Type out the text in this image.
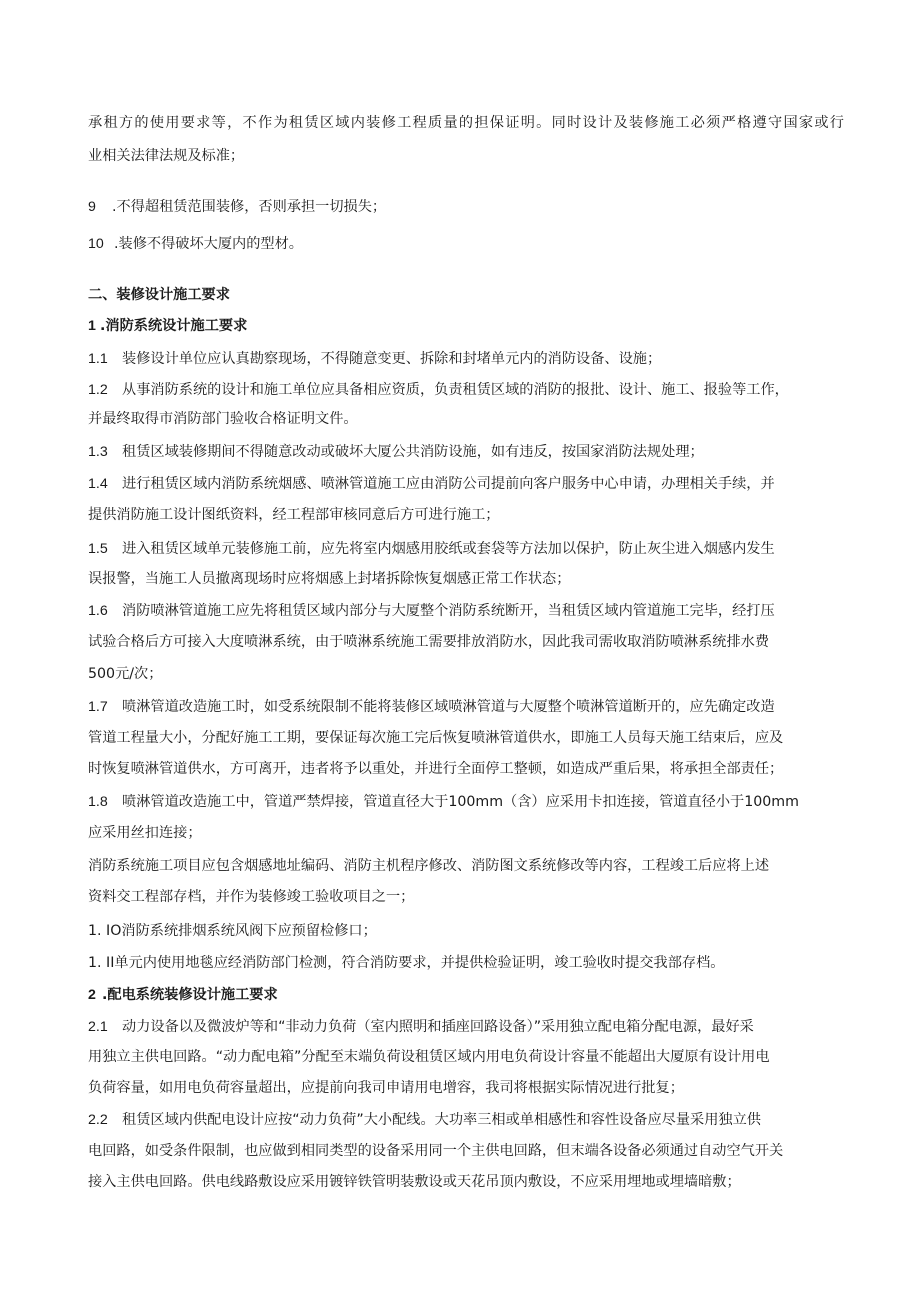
承租方的使用要求等，不作为租赁区域内装修工程质量的担保证明。同时设计及装修施工必须严格遵守国家或行
业相关法律法规及标准；
9 .不得超租赁范围装修，否则承担一切损失；
10 .装修不得破坏大厦内的型材。
二、装修设计施工要求
1 .消防系统设计施工要求
1.1 装修设计单位应认真勘察现场，不得随意变更、拆除和封堵单元内的消防设备、设施；
1.2 从事消防系统的设计和施工单位应具备相应资质，负责租赁区域的消防的报批、设计、施工、报验等工作，
并最终取得市消防部门验收合格证明文件。
1.3 租赁区域装修期间不得随意改动或破坏大厦公共消防设施，如有违反，按国家消防法规处理；
1.4 进行租赁区域内消防系统烟感、喷淋管道施工应由消防公司提前向客户服务中心申请，办理相关手续，并
提供消防施工设计图纸资料，经工程部审核同意后方可进行施工；
1.5 进入租赁区域单元装修施工前，应先将室内烟感用胶纸或套袋等方法加以保护，防止灰尘进入烟感内发生
误报警，当施工人员撤离现场时应将烟感上封堵拆除恢复烟感正常工作状态；
1.6 消防喷淋管道施工应先将租赁区域内部分与大厦整个消防系统断开，当租赁区域内管道施工完毕，经打压
试验合格后方可接入大度喷淋系统，由于喷淋系统施工需要排放消防水，因此我司需收取消防喷淋系统排水费
500元/次；
1.7 喷淋管道改造施工时，如受系统限制不能将装修区域喷淋管道与大厦整个喷淋管道断开的，应先确定改造
管道工程量大小，分配好施工工期，要保证每次施工完后恢复喷淋管道供水，即施工人员每天施工结束后，应及
时恢复喷淋管道供水，方可离开，违者将予以重处，并进行全面停工整顿，如造成严重后果，将承担全部责任；
1.8 喷淋管道改造施工中，管道严禁焊接，管道直径大于100mm（含）应采用卡扣连接，管道直径小于100mm
应采用丝扣连接；
消防系统施工项目应包含烟感地址编码、消防主机程序修改、消防图文系统修改等内容，工程竣工后应将上述
资料交工程部存档，并作为装修竣工验收项目之一；
1. IO消防系统排烟系统风阀下应预留检修口；
1. II单元内使用地毯应经消防部门检测，符合消防要求，并提供检验证明，竣工验收时提交我部存档。
2 .配电系统装修设计施工要求
2.1 动力设备以及微波炉等和“非动力负荷（室内照明和插座回路设备）”采用独立配电箱分配电源，最好采
用独立主供电回路。“动力配电箱”分配至末端负荷设租赁区域内用电负荷设计容量不能超出大厦原有设计用电
负荷容量，如用电负荷容量超出，应提前向我司申请用电增容，我司将根据实际情况进行批复；
2.2 租赁区域内供配电设计应按“动力负荷”大小配线。大功率三相或单相感性和容性设备应尽量采用独立供
电回路，如受条件限制，也应做到相同类型的设备采用同一个主供电回路，但末端各设备必须通过自动空气开关
接入主供电回路。供电线路敷设应采用镀锌铁管明装敷设或天花吊顶内敷设，不应采用埋地或埋墙暗敷；
